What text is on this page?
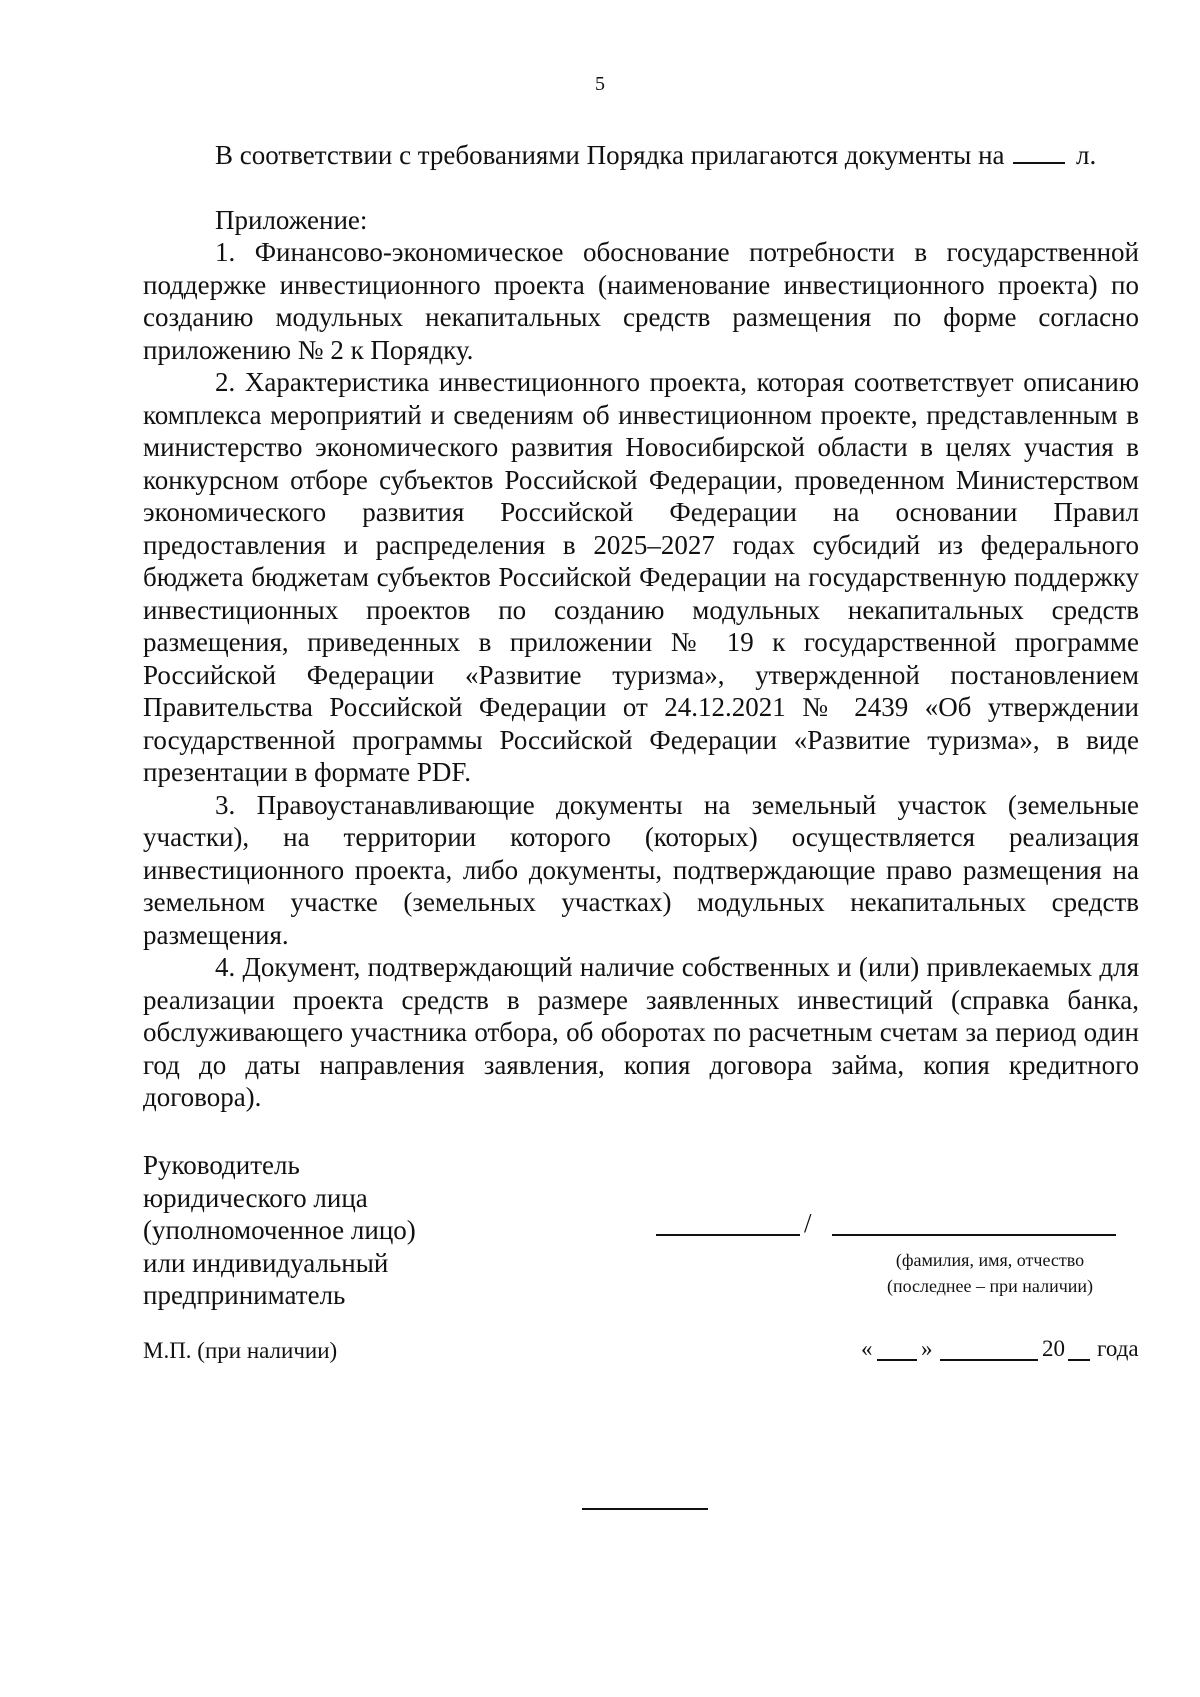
5

В соответствии с требованиями Порядка прилагаются документы на	л.

Приложение:

1. Финансово-экономическое обоснование потребности в государственной поддержке инвестиционного проекта (наименование инвестиционного проекта) по созданию модульных некапитальных средств размещения по форме согласно приложению № 2 к Порядку.

2. Характеристика инвестиционного проекта, которая соответствует описанию комплекса мероприятий и сведениям об инвестиционном проекте, представленным в министерство экономического развития Новосибирской области в целях участия в конкурсном отборе субъектов Российской Федерации, проведенном Министерством экономического развития Российской Федерации на основании Правил предоставления и распределения в 2025–2027 годах субсидий из федерального бюджета бюджетам субъектов Российской Федерации на государственную поддержку инвестиционных проектов по созданию модульных некапитальных средств размещения, приведенных в приложении № 19 к государственной программе Российской Федерации «Развитие туризма», утвержденной постановлением Правительства Российской Федерации от 24.12.2021 № 2439 «Об утверждении государственной программы Российской Федерации «Развитие туризма», в виде презентации в формате PDF.

3. Правоустанавливающие документы на земельный участок (земельные участки), на территории которого (которых) осуществляется реализация инвестиционного проекта, либо документы, подтверждающие право размещения на земельном участке (земельных участках) модульных некапитальных средств размещения.

4. Документ, подтверждающий наличие собственных и (или) привлекаемых для реализации проекта средств в размере заявленных инвестиций (справка банка, обслуживающего участника отбора, об оборотах по расчетным счетам за период один год до даты направления заявления, копия договора займа, копия кредитного договора).

Руководитель
юридического лица
(уполномоченное лицо)
или индивидуальный
предприниматель
/
(фамилия, имя, отчество
(последнее – при наличии)
М.П. (при наличии)	« »	20 года
